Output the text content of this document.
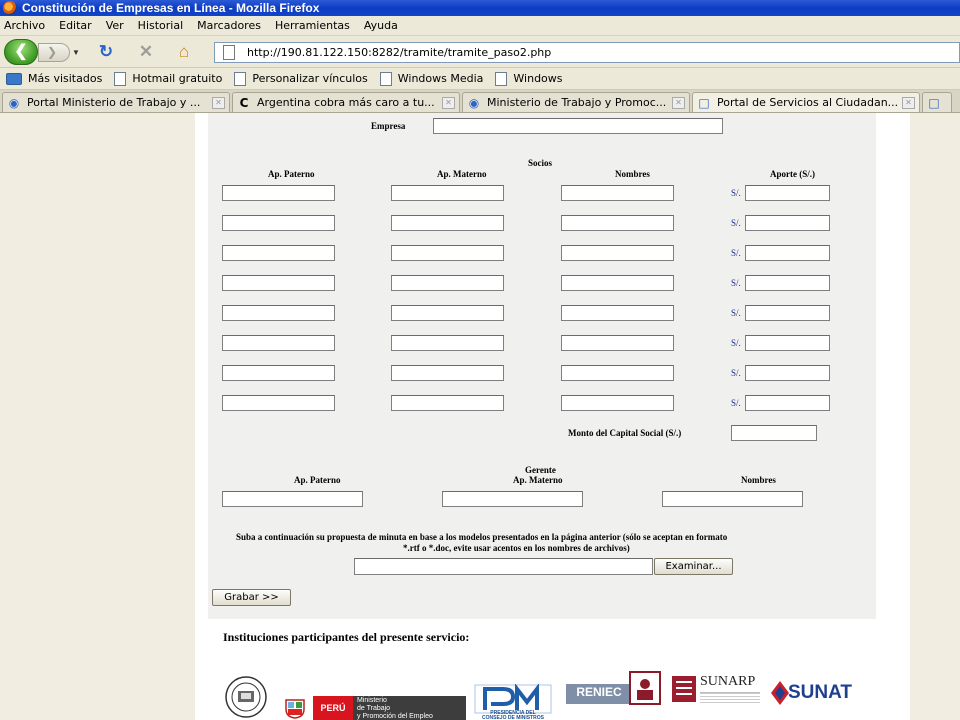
Constitución de Empresas en Línea - Mozilla Firefox
Archivo Editar Ver Historial Marcadores Herramientas Ayuda
❮	❯	▼ ↻ ✕ ⌂	http://190.81.122.150:8282/tramite/tramite_paso2.php
Más visitados	Hotmail gratuito	Personalizar vínculos	Windows Media	Windows
◉ Portal Ministerio de Trabajo y ...	✕ C Argentina cobra más caro a tu...	✕ ◉ Ministerio de Trabajo y Promoc...	✕ □ Portal de Servicios al Ciudadan... ✕ □
Empresa
Socios
Ap. Paterno	Ap. Materno	Nombres	Aporte (S/.)
S/.
S/.
S/.
S/.
S/.
S/.
S/.
S/.
Monto del Capital Social (S/.)
Gerente
Ap. Paterno	Ap. Materno	Nombres
Suba a continuación su propuesta de minuta en base a los modelos presentados en la página anterior (sólo se aceptan en formato
*.rtf o *.doc, evite usar acentos en los nombres de archivos)
Examinar...
Grabar >>
Instituciones participantes del presente servicio:
PERÚ
Ministerio
de Trabajo
y Promoción del Empleo	PRESIDENCIA DEL
CONSEJO DE MINISTROS
RENIEC
SUNARP
SUNAT
